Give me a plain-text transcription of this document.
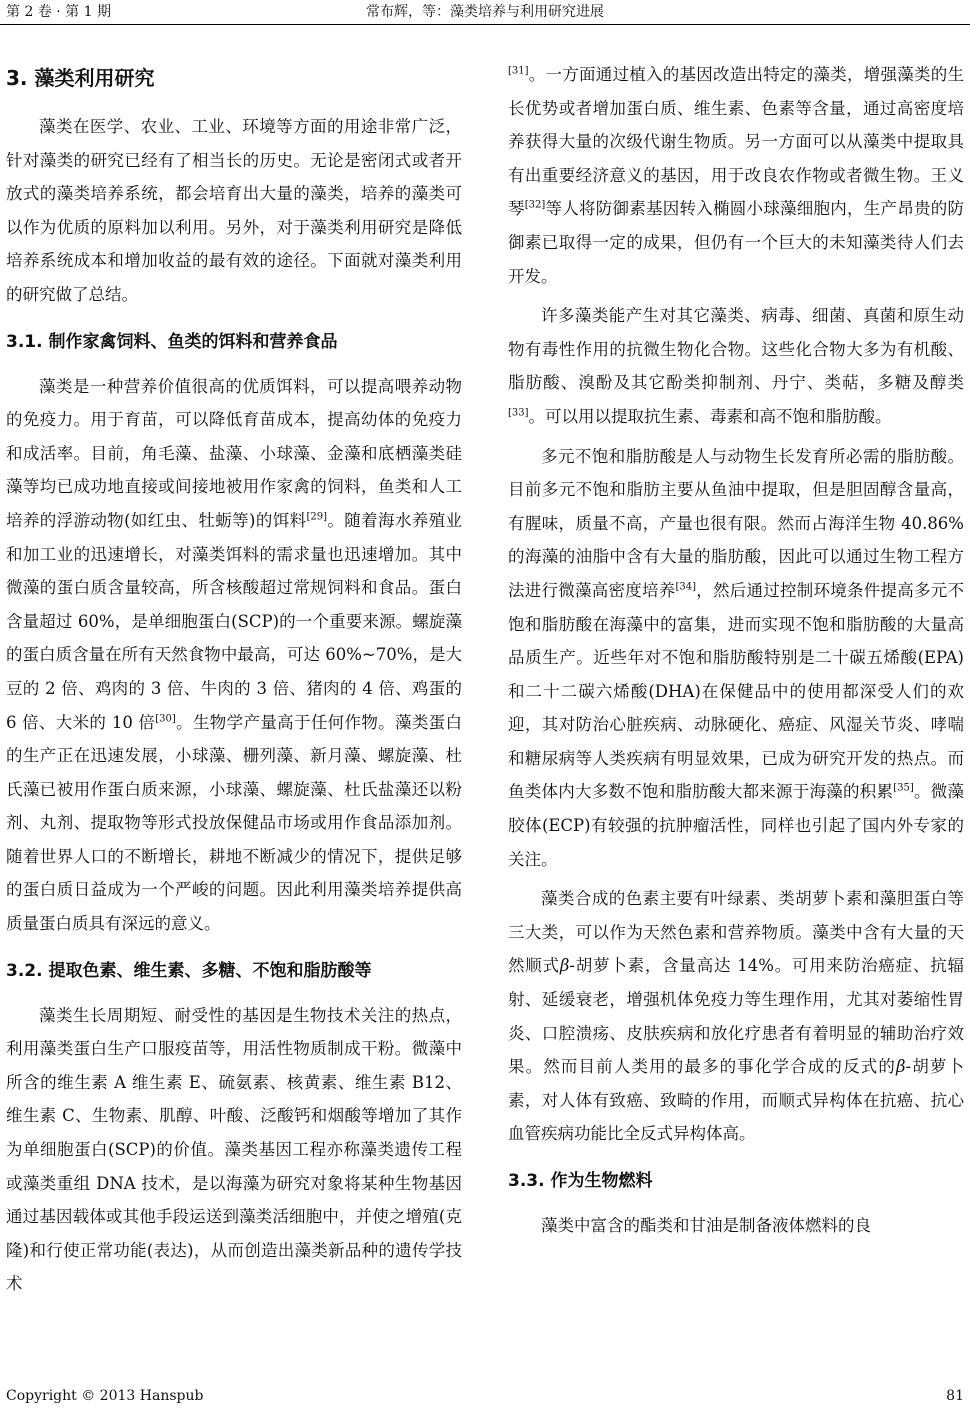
第 2 卷 · 第 1 期	常布辉，等：藻类培养与利用研究进展
3. 藻类利用研究

藻类在医学、农业、工业、环境等方面的用途非常广泛，针对藻类的研究已经有了相当长的历史。无论是密闭式或者开放式的藻类培养系统，都会培育出大量的藻类，培养的藻类可以作为优质的原料加以利用。另外，对于藻类利用研究是降低培养系统成本和增加收益的最有效的途径。下面就对藻类利用的研究做了总结。

3.1. 制作家禽饲料、鱼类的饵料和营养食品

藻类是一种营养价值很高的优质饵料，可以提高喂养动物的免疫力。用于育苗，可以降低育苗成本，提高幼体的免疫力和成活率。目前，角毛藻、盐藻、小球藻、金藻和底栖藻类硅藻等均已成功地直接或间接地被用作家禽的饲料，鱼类和人工培养的浮游动物(如红虫、牡蛎等)的饵料[29]。随着海水养殖业和加工业的迅速增长，对藻类饵料的需求量也迅速增加。其中微藻的蛋白质含量较高，所含核酸超过常规饲料和食品。蛋白含量超过 60%，是单细胞蛋白(SCP)的一个重要来源。螺旋藻的蛋白质含量在所有天然食物中最高，可达 60%~70%，是大豆的 2 倍、鸡肉的 3 倍、牛肉的 3 倍、猪肉的 4 倍、鸡蛋的 6 倍、大米的 10 倍[30]。生物学产量高于任何作物。藻类蛋白的生产正在迅速发展，小球藻、栅列藻、新月藻、螺旋藻、杜氏藻已被用作蛋白质来源，小球藻、螺旋藻、杜氏盐藻还以粉剂、丸剂、提取物等形式投放保健品市场或用作食品添加剂。随着世界人口的不断增长，耕地不断减少的情况下，提供足够的蛋白质日益成为一个严峻的问题。因此利用藻类培养提供高质量蛋白质具有深远的意义。

3.2. 提取色素、维生素、多糖、不饱和脂肪酸等

藻类生长周期短、耐受性的基因是生物技术关注的热点，利用藻类蛋白生产口服疫苗等，用活性物质制成干粉。微藻中所含的维生素 A 维生素 E、硫氨素、核黄素、维生素 B12、维生素 C、生物素、肌醇、叶酸、泛酸钙和烟酸等增加了其作为单细胞蛋白(SCP)的价值。藻类基因工程亦称藻类遗传工程或藻类重组 DNA 技术，是以海藻为研究对象将某种生物基因通过基因载体或其他手段运送到藻类活细胞中，并使之增殖(克隆)和行使正常功能(表达)，从而创造出藻类新品种的遗传学技术

[31]。一方面通过植入的基因改造出特定的藻类，增强藻类的生长优势或者增加蛋白质、维生素、色素等含量，通过高密度培养获得大量的次级代谢生物质。另一方面可以从藻类中提取具有出重要经济意义的基因，用于改良农作物或者微生物。王义琴[32]等人将防御素基因转入椭圆小球藻细胞内，生产昂贵的防御素已取得一定的成果，但仍有一个巨大的未知藻类待人们去开发。

许多藻类能产生对其它藻类、病毒、细菌、真菌和原生动物有毒性作用的抗微生物化合物。这些化合物大多为有机酸、脂肪酸、溴酚及其它酚类抑制剂、丹宁、类萜，多糖及醇类[33]。可以用以提取抗生素、毒素和高不饱和脂肪酸。

多元不饱和脂肪酸是人与动物生长发育所必需的脂肪酸。目前多元不饱和脂肪主要从鱼油中提取，但是胆固醇含量高，有腥味，质量不高，产量也很有限。然而占海洋生物 40.86%的海藻的油脂中含有大量的脂肪酸，因此可以通过生物工程方法进行微藻高密度培养[34]，然后通过控制环境条件提高多元不饱和脂肪酸在海藻中的富集，进而实现不饱和脂肪酸的大量高品质生产。近些年对不饱和脂肪酸特别是二十碳五烯酸(EPA)和二十二碳六烯酸(DHA)在保健品中的使用都深受人们的欢迎，其对防治心脏疾病、动脉硬化、癌症、风湿关节炎、哮喘和糖尿病等人类疾病有明显效果，已成为研究开发的热点。而鱼类体内大多数不饱和脂肪酸大都来源于海藻的积累[35]。微藻胶体(ECP)有较强的抗肿瘤活性，同样也引起了国内外专家的关注。

藻类合成的色素主要有叶绿素、类胡萝卜素和藻胆蛋白等三大类，可以作为天然色素和营养物质。藻类中含有大量的天然顺式β-胡萝卜素，含量高达 14%。可用来防治癌症、抗辐射、延缓衰老，增强机体免疫力等生理作用，尤其对萎缩性胃炎、口腔溃疡、皮肤疾病和放化疗患者有着明显的辅助治疗效果。然而目前人类用的最多的事化学合成的反式的β-胡萝卜素，对人体有致癌、致畸的作用，而顺式异构体在抗癌、抗心血管疾病功能比全反式异构体高。

3.3. 作为生物燃料

藻类中富含的酯类和甘油是制备液体燃料的良

Copyright © 2013 Hanspub	81
